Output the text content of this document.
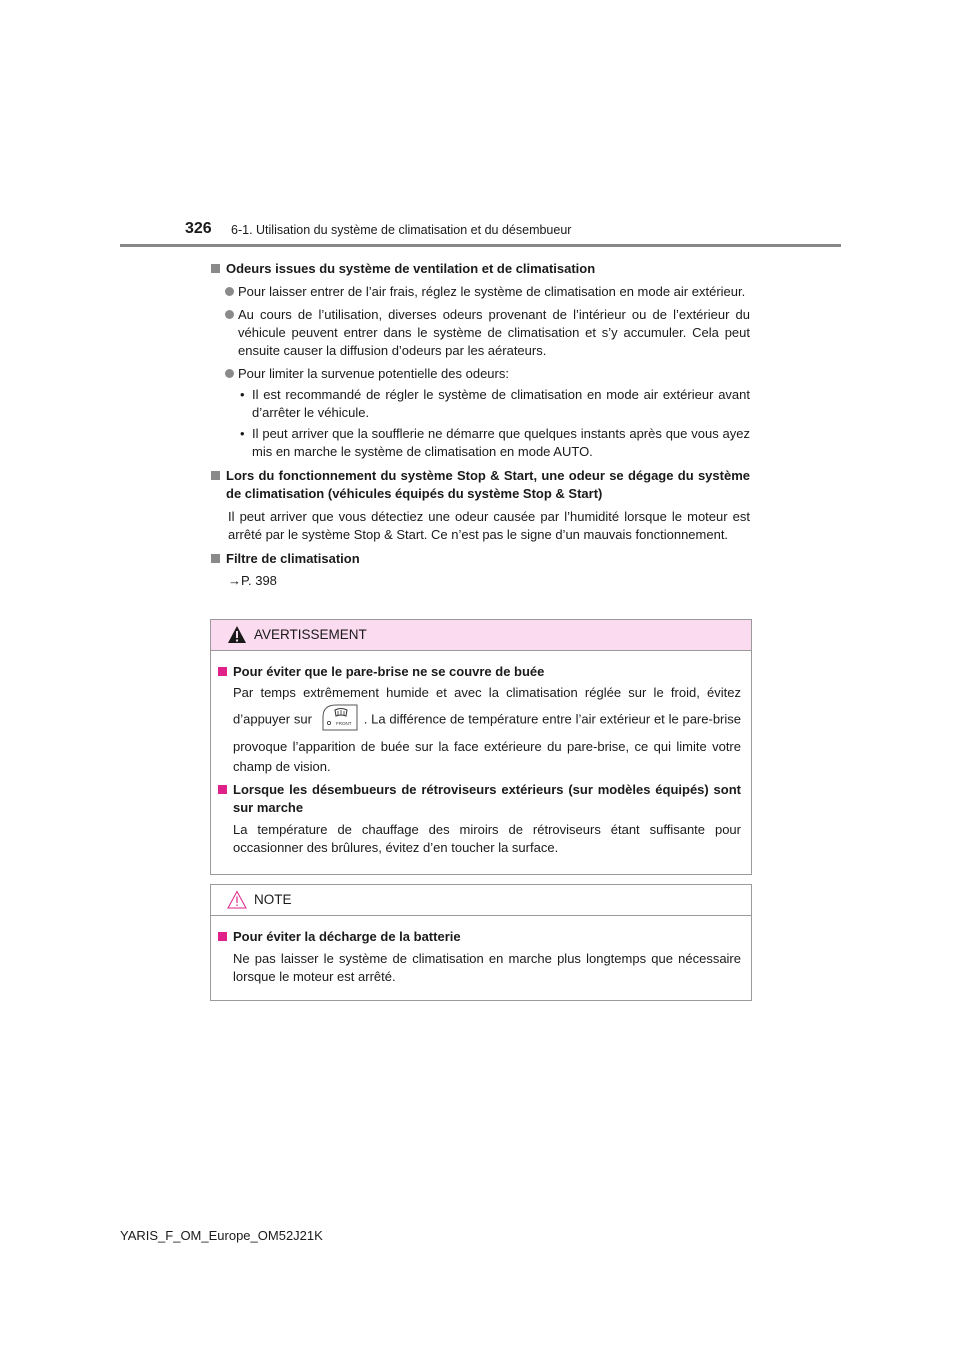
326 6-1. Utilisation du système de climatisation et du désembueur
Odeurs issues du système de ventilation et de climatisation
Pour laisser entrer de l’air frais, réglez le système de climatisation en mode air extérieur.
Au cours de l’utilisation, diverses odeurs provenant de l’intérieur ou de l’extérieur du véhicule peuvent entrer dans le système de climatisation et s’y accumuler. Cela peut ensuite causer la diffusion d’odeurs par les aérateurs.
Pour limiter la survenue potentielle des odeurs:
• Il est recommandé de régler le système de climatisation en mode air extérieur avant d’arrêter le véhicule.
• Il peut arriver que la soufflerie ne démarre que quelques instants après que vous ayez mis en marche le système de climatisation en mode AUTO.
Lors du fonctionnement du système Stop & Start, une odeur se dégage du système de climatisation (véhicules équipés du système Stop & Start)
Il peut arriver que vous détectiez une odeur causée par l’humidité lorsque le moteur est arrêté par le système Stop & Start. Ce n’est pas le signe d’un mauvais fonctionnement.
Filtre de climatisation
→P. 398
AVERTISSEMENT
Pour éviter que le pare-brise ne se couvre de buée
Par temps extrêmement humide et avec la climatisation réglée sur le froid, évitez d’appuyer sur	FRONT . La différence de température entre l’air extérieur et le pare-brise provoque l’apparition de buée sur la face extérieure du pare-brise, ce qui limite votre champ de vision.
Lorsque les désembueurs de rétroviseurs extérieurs (sur modèles équipés) sont sur marche
La température de chauffage des miroirs de rétroviseurs étant suffisante pour occasionner des brûlures, évitez d’en toucher la surface.
NOTE
Pour éviter la décharge de la batterie
Ne pas laisser le système de climatisation en marche plus longtemps que nécessaire lorsque le moteur est arrêté.
YARIS_F_OM_Europe_OM52J21K
